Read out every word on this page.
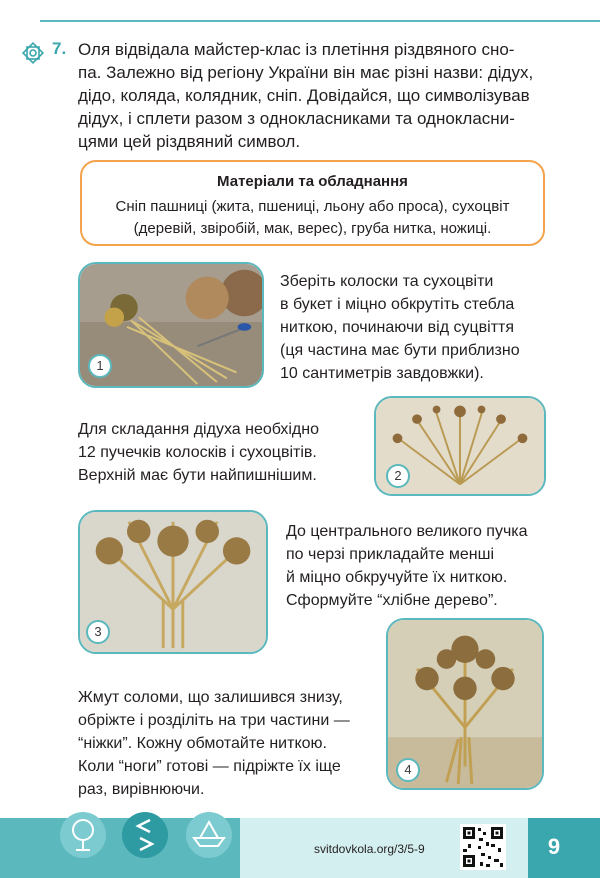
7. Оля відвідала майстер-клас із плетіння різдвяного сно-
па. Залежно від регіону України він має різні назви: дідух,
дідо, коляда, колядник, сніп. Довідайся, що символізував
дідух, і сплети разом з однокласниками та однокласни-
цями цей різдвяний символ.
Матеріали та обладнання
Сніп пашниці (жита, пшениці, льону або проса), сухоцвіт
(деревій, звіробій, мак, верес), груба нитка, ножиці.
1
Зберіть колоски та сухоцвіти
в букет і міцно обкрутіть стебла
ниткою, починаючи від суцвіття
(ця частина має бути приблизно
10 сантиметрів завдовжки).
Для складання дідуха необхідно
12 пучечків колосків і сухоцвітів.
Верхній має бути найпишнішим.	2
3
До центрального великого пучка
по черзі прикладайте менші
й міцно обкручуйте їх ниткою.
Сформуйте “хлібне дерево”.
Жмут соломи, що залишився знизу,
обріжте і розділіть на три частини —
“ніжки”. Кожну обмотайте ниткою.
Коли “ноги” готові — підріжте їх іще
раз, вирівнюючи.
4
svitdovkola.org/3/5-9	9
